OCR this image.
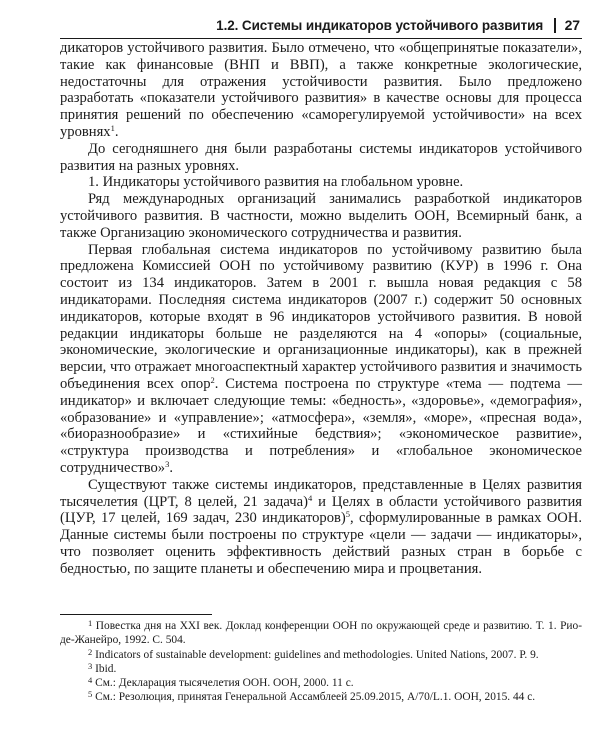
1.2. Системы индикаторов устойчивого развития 27

дикаторов устойчивого развития. Было отмечено, что «общепринятые показатели», такие как финансовые (ВНП и ВВП), а также конкретные экологические, недостаточны для отражения устойчивости развития. Было предложено разработать «показатели устойчивого развития» в качестве основы для процесса принятия решений по обеспечению «саморегулируемой устойчивости» на всех уровнях$^1$.

До сегодняшнего дня были разработаны системы индикаторов устойчивого развития на разных уровнях.

1. Индикаторы устойчивого развития на глобальном уровне.

Ряд международных организаций занимались разработкой индикаторов устойчивого развития. В частности, можно выделить ООН, Всемирный банк, а также Организацию экономического сотрудничества и развития.

Первая глобальная система индикаторов по устойчивому развитию была предложена Комиссией ООН по устойчивому развитию (КУР) в 1996 г. Она состоит из 134 индикаторов. Затем в 2001 г. вышла новая редакция с 58 индикаторами. Последняя система индикаторов (2007 г.) содержит 50 основных индикаторов, которые входят в 96 индикаторов устойчивого развития. В новой редакции индикаторы больше не разделяются на 4 «опоры» (социальные, экономические, экологические и организационные индикаторы), как в прежней версии, что отражает многоаспектный характер устойчивого развития и значимость объединения всех опор$^2$. Система построена по структуре «тема — подтема — индикатор» и включает следующие темы: «бедность», «здоровье», «демография», «образование» и «управление»; «атмосфера», «земля», «море», «пресная вода», «биоразнообразие» и «стихийные бедствия»; «экономическое развитие», «структура производства и потребления» и «глобальное экономическое сотрудничество»$^3$.

Существуют также системы индикаторов, представленные в Целях развития тысячелетия (ЦРТ, 8 целей, 21 задача)$^4$ и Целях в области устойчивого развития (ЦУР, 17 целей, 169 задач, 230 индикаторов)$^5$, сформулированные в рамках ООН. Данные системы были построены по структуре «цели — задачи — индикаторы», что позволяет оценить эффективность действий разных стран в борьбе с бедностью, по защите планеты и обеспечению мира и процветания.

$^1$ Повестка дня на XXI век. Доклад конференции ООН по окружающей среде и развитию. Т. 1. Рио-де-Жанейро, 1992. С. 504.

$^2$ Indicators of sustainable development: guidelines and methodologies. United Nations, 2007. P. 9.

$^3$ Ibid.

$^4$ См.: Декларация тысячелетия ООН. ООН, 2000. 11 с.

$^5$ См.: Резолюция, принятая Генеральной Ассамблеей 25.09.2015, A/70/L.1. ООН, 2015. 44 с.
